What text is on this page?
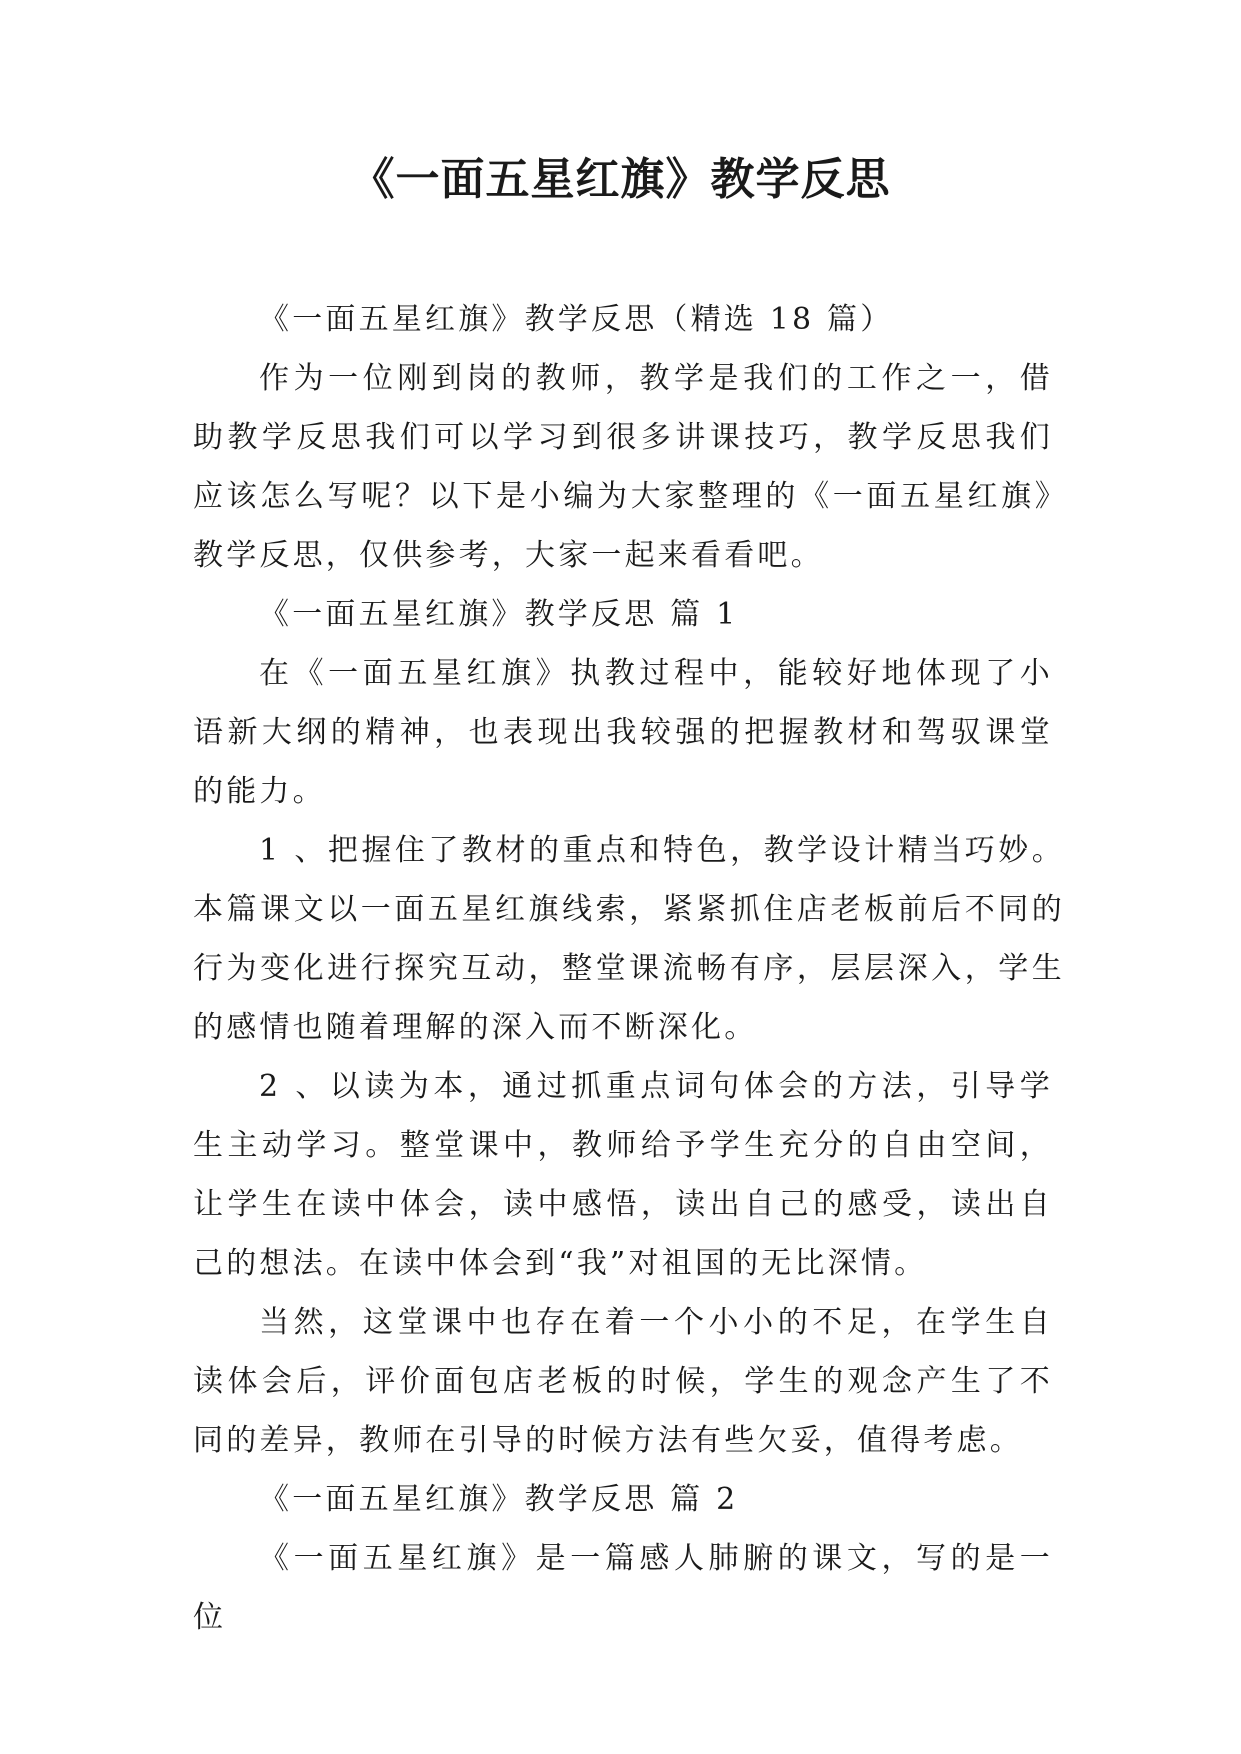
《一面五星红旗》教学反思

《一面五星红旗》教学反思（精选 18 篇）

作为一位刚到岗的教师，教学是我们的工作之一，借助教学反思我们可以学习到很多讲课技巧，教学反思我们应该怎么写呢？以下是小编为大家整理的《一面五星红旗》教学反思，仅供参考，大家一起来看看吧。

《一面五星红旗》教学反思 篇 1

在《一面五星红旗》执教过程中，能较好地体现了小语新大纲的精神，也表现出我较强的把握教材和驾驭课堂的能力。

1 、把握住了教材的重点和特色，教学设计精当巧妙。本篇课文以一面五星红旗线索，紧紧抓住店老板前后不同的行为变化进行探究互动，整堂课流畅有序，层层深入，学生的感情也随着理解的深入而不断深化。

2 、以读为本，通过抓重点词句体会的方法，引导学生主动学习。整堂课中，教师给予学生充分的自由空间，让学生在读中体会，读中感悟，读出自己的感受，读出自己的想法。在读中体会到“我”对祖国的无比深情。

当然，这堂课中也存在着一个小小的不足，在学生自读体会后，评价面包店老板的时候，学生的观念产生了不同的差异，教师在引导的时候方法有些欠妥，值得考虑。

《一面五星红旗》教学反思 篇 2

《一面五星红旗》是一篇感人肺腑的课文，写的是一位
